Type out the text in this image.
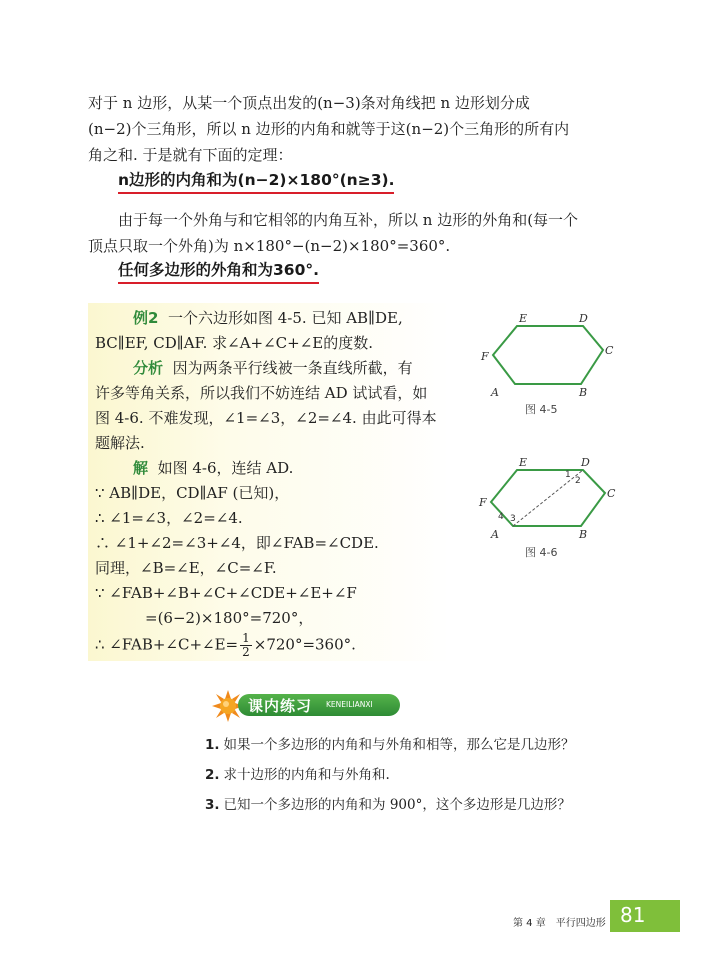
对于 n 边形，从某一个顶点出发的(n−3)条对角线把 n 边形划分成

(n−2)个三角形，所以 n 边形的内角和就等于这(n−2)个三角形的所有内

角之和. 于是就有下面的定理：

n边形的内角和为(n−2)×180°(n≥3).

由于每一个外角与和它相邻的内角互补，所以 n 边形的外角和(每一个

顶点只取一个外角)为 n×180°−(n−2)×180°=360°.

任何多边形的外角和为360°.

例2 一个六边形如图 4-5. 已知 AB∥DE,

BC∥EF, CD∥AF. 求∠A+∠C+∠E的度数.

分析 因为两条平行线被一条直线所截，有

许多等角关系，所以我们不妨连结 AD 试试看，如

图 4-6. 不难发现，∠1=∠3，∠2=∠4. 由此可得本

题解法.

解 如图 4-6，连结 AD.

∵ AB∥DE，CD∥AF (已知)，

∴ ∠1=∠3，∠2=∠4.

∴ ∠1+∠2=∠3+∠4，即∠FAB=∠CDE.

同理，∠B=∠E，∠C=∠F.

∵ ∠FAB+∠B+∠C+∠CDE+∠E+∠F

=(6−2)×180°=720°，

∴ ∠FAB+∠C+∠E= $\frac{1}{2} \times 720^\circ=360^\circ$.

E	D
C
B
A
F
图 4-5
E	D
C
B
A
F
1
2
3
4
图 4-6
课内练习 KENEILIANXI

1. 如果一个多边形的内角和与外角和相等，那么它是几边形？

2. 求十边形的内角和与外角和.

3. 已知一个多边形的内角和为 900°，这个多边形是几边形？

第 4 章　平行四边形 81
